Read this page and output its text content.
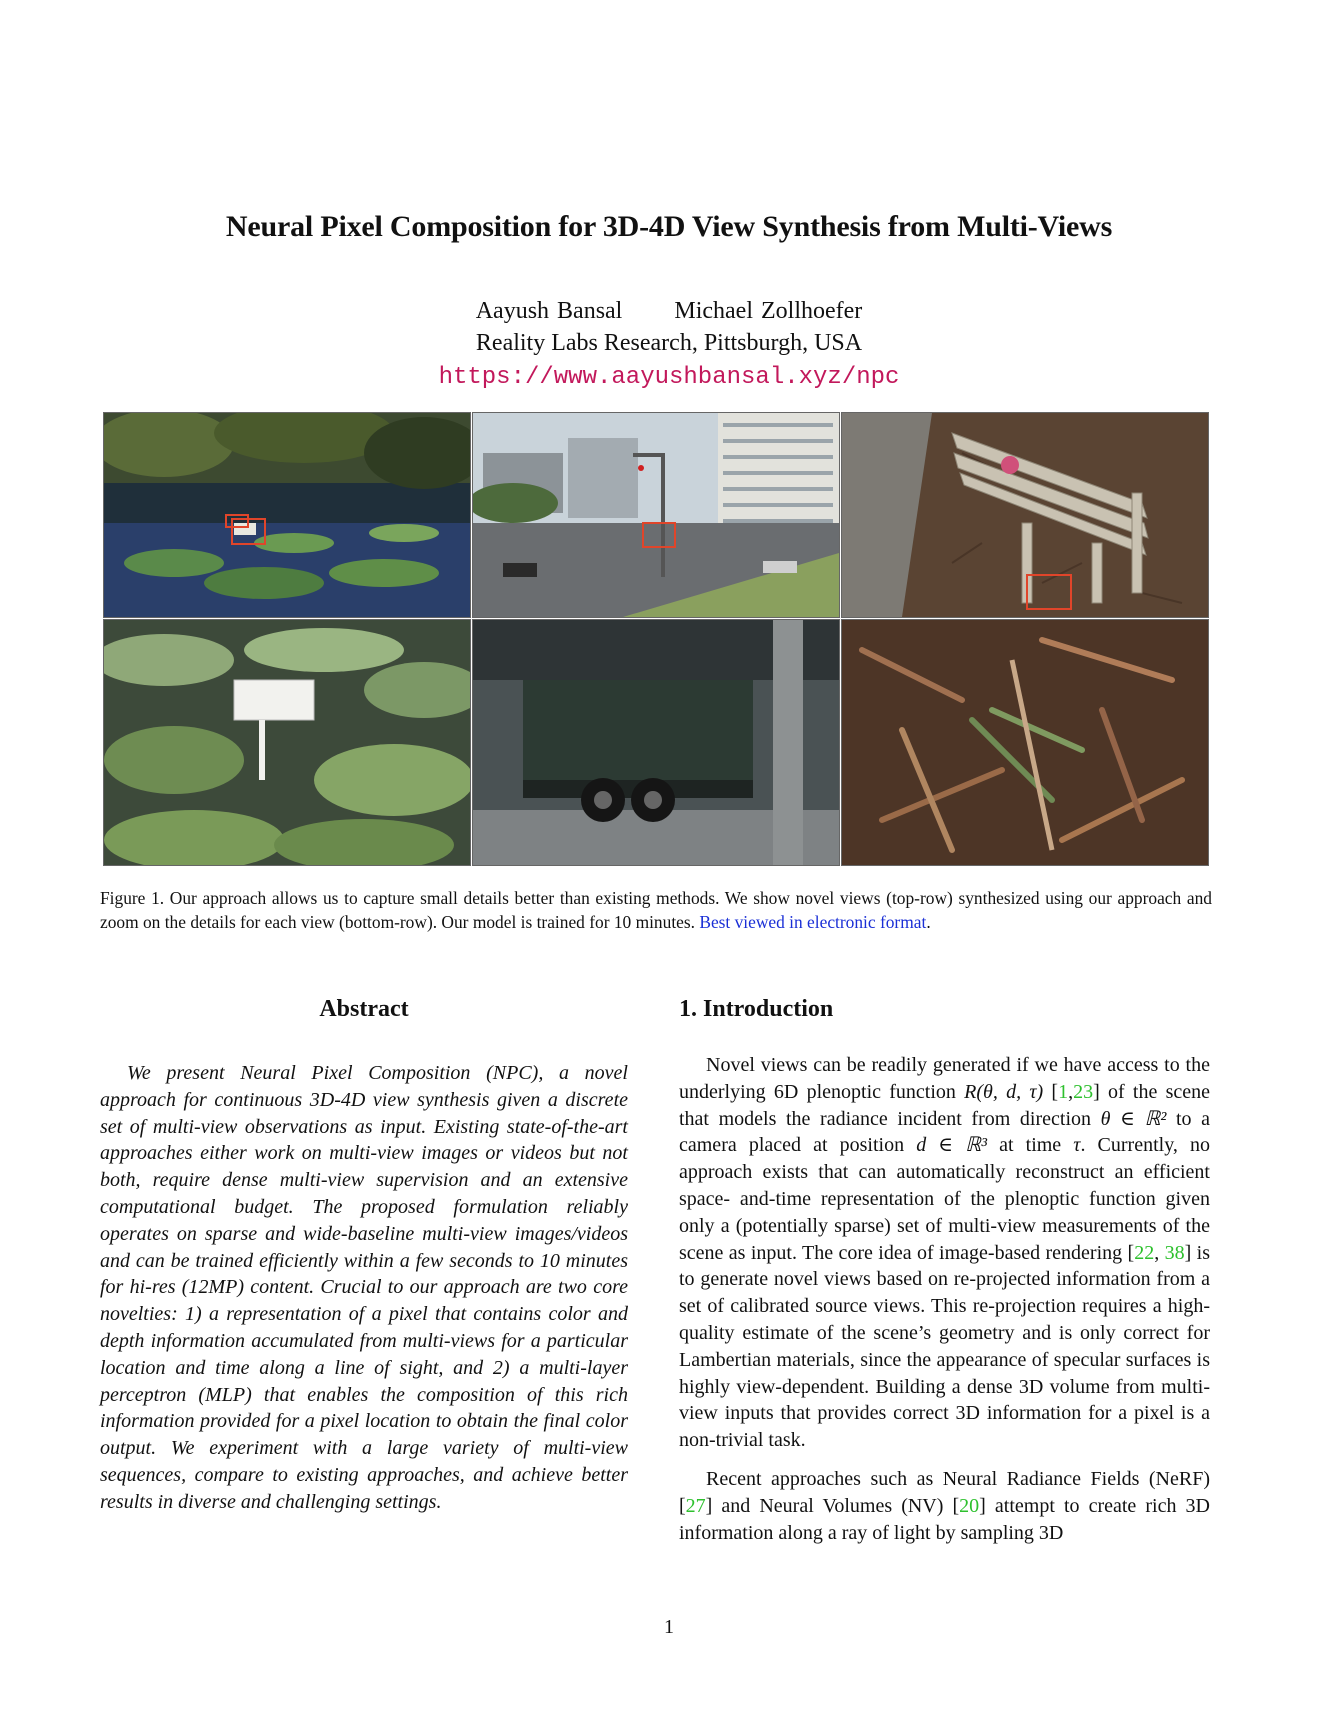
Neural Pixel Composition for 3D-4D View Synthesis from Multi-Views
Aayush Bansal Michael Zollhoefer
Reality Labs Research, Pittsburgh, USA
https://www.aayushbansal.xyz/npc
Figure 1. Our approach allows us to capture small details better than existing methods. We show novel views (top-row) synthesized using our approach and zoom on the details for each view (bottom-row). Our model is trained for 10 minutes. Best viewed in electronic format.
Abstract	1. Introduction

We present Neural Pixel Composition (NPC), a novel approach for continuous 3D-4D view synthesis given a discrete set of multi-view observations as input. Existing state-of-the-art approaches either work on multi-view images or videos but not both, require dense multi-view supervision and an extensive computational budget. The proposed formulation reliably operates on sparse and wide-baseline multi-view images/videos and can be trained efficiently within a few seconds to 10 minutes for hi-res (12MP) content. Crucial to our approach are two core novelties: 1) a representation of a pixel that contains color and depth information accumulated from multi-views for a particular location and time along a line of sight, and 2) a multi-layer perceptron (MLP) that enables the composition of this rich information provided for a pixel location to obtain the final color output. We experiment with a large variety of multi-view sequences, compare to existing approaches, and achieve better results in diverse and challenging settings.

Novel views can be readily generated if we have access to the underlying 6D plenoptic function R(θ, d, τ) [1,23] of the scene that models the radiance incident from direction θ ∈ ℝ² to a camera placed at position d ∈ ℝ³ at time τ. Currently, no approach exists that can automatically reconstruct an efficient space- and-time representation of the plenoptic function given only a (potentially sparse) set of multi-view measurements of the scene as input. The core idea of image-based rendering [22, 38] is to generate novel views based on re-projected information from a set of calibrated source views. This re-projection requires a high-quality estimate of the scene’s geometry and is only correct for Lambertian materials, since the appearance of specular surfaces is highly view-dependent. Building a dense 3D volume from multi-view inputs that provides correct 3D information for a pixel is a non-trivial task.

Recent approaches such as Neural Radiance Fields (NeRF) [27] and Neural Volumes (NV) [20] attempt to create rich 3D information along a ray of light by sampling 3D

1
